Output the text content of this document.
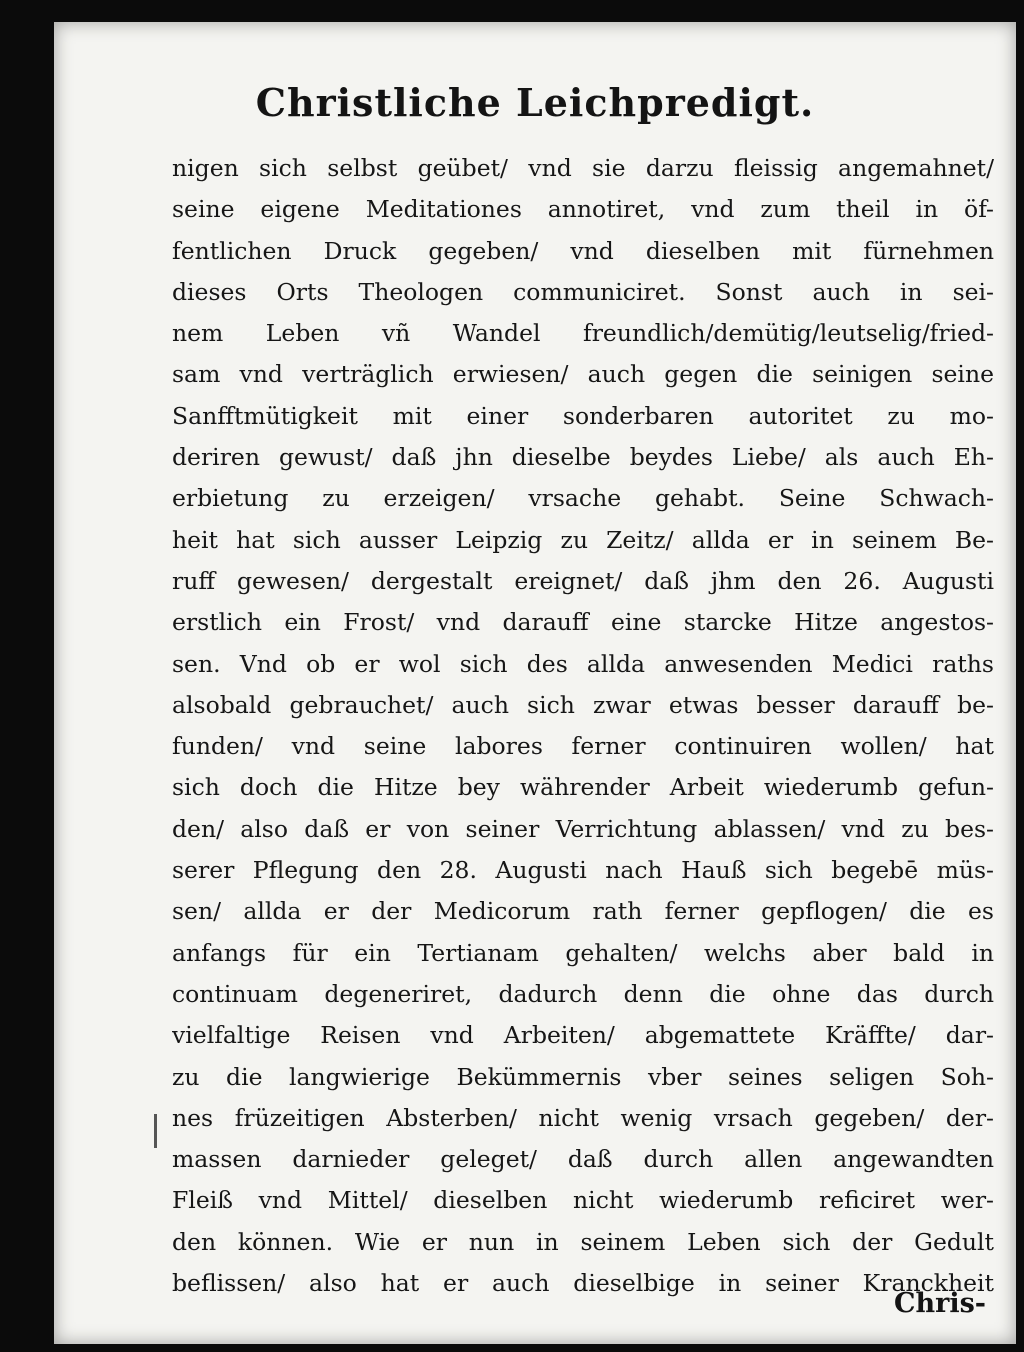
Christliche Leichpredigt.
nigen sich selbst geübet/ vnd sie darzu fleissig angemahnet/
seine eigene Meditationes annotiret, vnd zum theil in öf-
fentlichen Druck gegeben/ vnd dieselben mit fürnehmen
dieses Orts Theologen communiciret. Sonst auch in sei-
nem Leben vñ Wandel freundlich/demütig/leutselig/fried-
sam vnd verträglich erwiesen/ auch gegen die seinigen seine
Sanfftmütigkeit mit einer sonderbaren autoritet zu mo-
deriren gewust/ daß jhn dieselbe beydes Liebe/ als auch Eh-
erbietung zu erzeigen/ vrsache gehabt. Seine Schwach-
heit hat sich ausser Leipzig zu Zeitz/ allda er in seinem Be-
ruff gewesen/ dergestalt ereignet/ daß jhm den 26. Augusti
erstlich ein Frost/ vnd darauff eine starcke Hitze angestos-
sen. Vnd ob er wol sich des allda anwesenden Medici raths
alsobald gebrauchet/ auch sich zwar etwas besser darauff be-
funden/ vnd seine labores ferner continuiren wollen/ hat
sich doch die Hitze bey währender Arbeit wiederumb gefun-
den/ also daß er von seiner Verrichtung ablassen/ vnd zu bes-
serer Pflegung den 28. Augusti nach Hauß sich begebē müs-
sen/ allda er der Medicorum rath ferner gepflogen/ die es
anfangs für ein Tertianam gehalten/ welchs aber bald in
continuam degeneriret, dadurch denn die ohne das durch
vielfaltige Reisen vnd Arbeiten/ abgemattete Kräffte/ dar-
zu die langwierige Bekümmernis vber seines seligen Soh-
nes früzeitigen Absterben/ nicht wenig vrsach gegeben/ der-
massen darnieder geleget/ daß durch allen angewandten
Fleiß vnd Mittel/ dieselben nicht wiederumb reficiret wer-
den können. Wie er nun in seinem Leben sich der Gedult
beflissen/ also hat er auch dieselbige in seiner Kranckheit
Chris-
